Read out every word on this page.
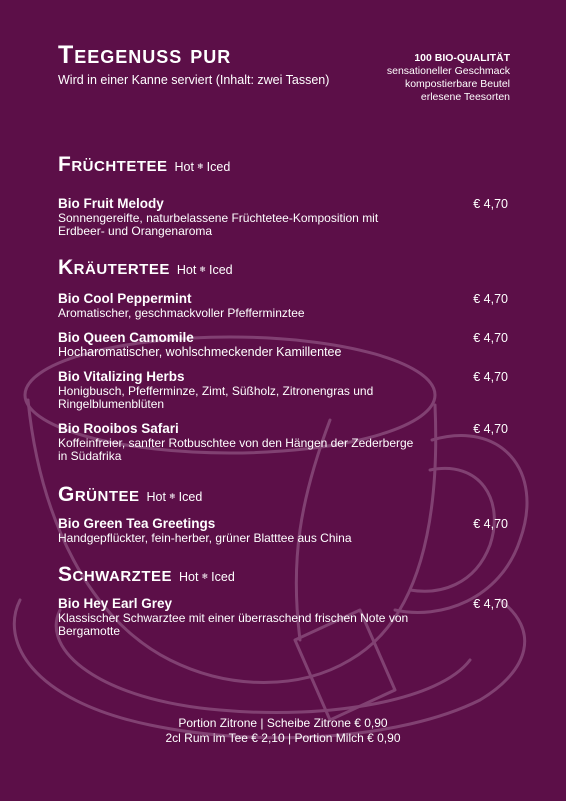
Teegenuss pur
Wird in einer Kanne serviert (Inhalt: zwei Tassen)
100 BIO-QUALITÄT
sensationeller Geschmack
kompostierbare Beutel
erlesene Teesorten
Früchtetee Hot ❄ Iced
Bio Fruit Melody	€ 4,70
Sonnengereifte, naturbelassene Früchtetee-Komposition mit Erdbeer- und Orangenaroma
Kräutertee Hot ❄ Iced
Bio Cool Peppermint	€ 4,70
Aromatischer, geschmackvoller Pfefferminztee
Bio Queen Camomile	€ 4,70
Hocharomatischer, wohlschmeckender Kamillentee
Bio Vitalizing Herbs	€ 4,70
Honigbusch, Pfefferminze, Zimt, Süßholz, Zitronengras und Ringelblumenblüten
Bio Rooibos Safari	€ 4,70
Koffeinfreier, sanfter Rotbuschtee von den Hängen der Zederberge in Südafrika
Grüntee Hot ❄ Iced
Bio Green Tea Greetings	€ 4,70
Handgepflückter, fein-herber, grüner Blatttee aus China
Schwarztee Hot ❄ Iced
Bio Hey Earl Grey	€ 4,70
Klassischer Schwarztee mit einer überraschend frischen Note von Bergamotte
Portion Zitrone | Scheibe Zitrone € 0,90
2cl Rum im Tee € 2,10 | Portion Milch € 0,90
